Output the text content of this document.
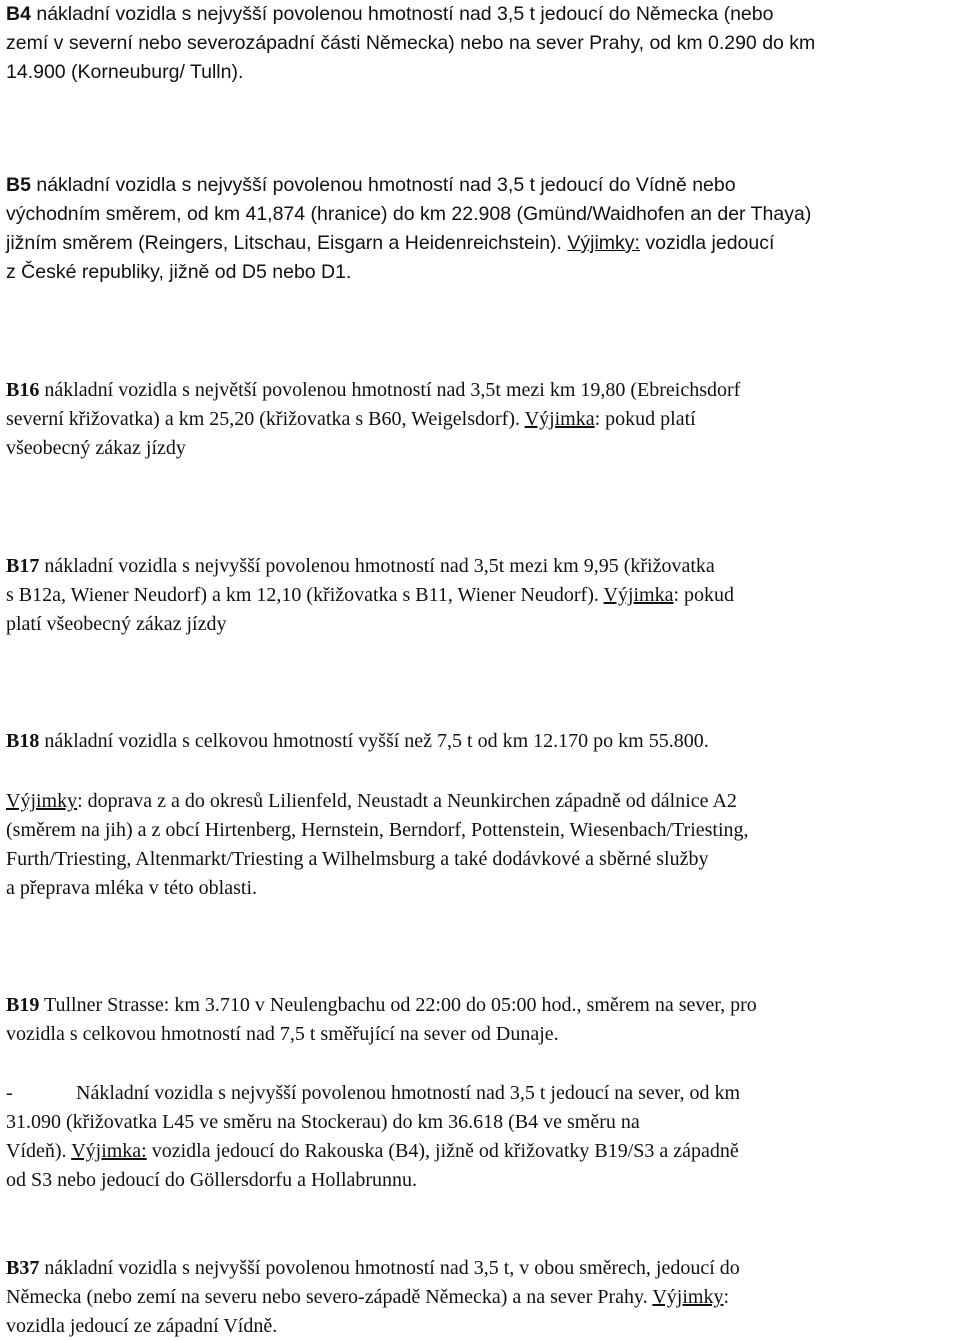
B4 nákladní vozidla s nejvyšší povolenou hmotností nad 3,5 t jedoucí do Německa (nebo
zemí v severní nebo severozápadní části Německa) nebo na sever Prahy, od km 0.290 do km
14.900 (Korneuburg/ Tulln).
B5 nákladní vozidla s nejvyšší povolenou hmotností nad 3,5 t jedoucí do Vídně nebo
východním směrem, od km 41,874 (hranice) do km 22.908 (Gmünd/Waidhofen an der Thaya)
jižním směrem (Reingers, Litschau, Eisgarn a Heidenreichstein). Výjimky: vozidla jedoucí
z České republiky, jižně od D5 nebo D1.
B16 nákladní vozidla s největší povolenou hmotností nad 3,5t mezi km 19,80 (Ebreichsdorf
severní křižovatka) a km 25,20 (křižovatka s B60, Weigelsdorf). Výjimka: pokud platí
všeobecný zákaz jízdy
B17 nákladní vozidla s nejvyšší povolenou hmotností nad 3,5t mezi km 9,95 (křižovatka
s B12a, Wiener Neudorf) a km 12,10 (křižovatka s B11, Wiener Neudorf). Výjimka: pokud
platí všeobecný zákaz jízdy
B18 nákladní vozidla s celkovou hmotností vyšší než 7,5 t od km 12.170 po km 55.800.
Výjimky: doprava z a do okresů Lilienfeld, Neustadt a Neunkirchen západně od dálnice A2
(směrem na jih) a z obcí Hirtenberg, Hernstein, Berndorf, Pottenstein, Wiesenbach/Triesting,
Furth/Triesting, Altenmarkt/Triesting a Wilhelmsburg a také dodávkové a sběrné služby
a přeprava mléka v této oblasti.
B19 Tullner Strasse: km 3.710 v Neulengbachu od 22:00 do 05:00 hod., směrem na sever, pro
vozidla s celkovou hmotností nad 7,5 t směřující na sever od Dunaje.
-	Nákladní vozidla s nejvyšší povolenou hmotností nad 3,5 t jedoucí na sever, od km
31.090 (křižovatka L45 ve směru na Stockerau) do km 36.618 (B4 ve směru na
Vídeň). Výjimka: vozidla jedoucí do Rakouska (B4), jižně od křižovatky B19/S3 a západně
od S3 nebo jedoucí do Göllersdorfu a Hollabrunnu.
B37 nákladní vozidla s nejvyšší povolenou hmotností nad 3,5 t, v obou směrech, jedoucí do
Německa (nebo zemí na severu nebo severo-západě Německa) a na sever Prahy. Výjimky:
vozidla jedoucí ze západní Vídně.
